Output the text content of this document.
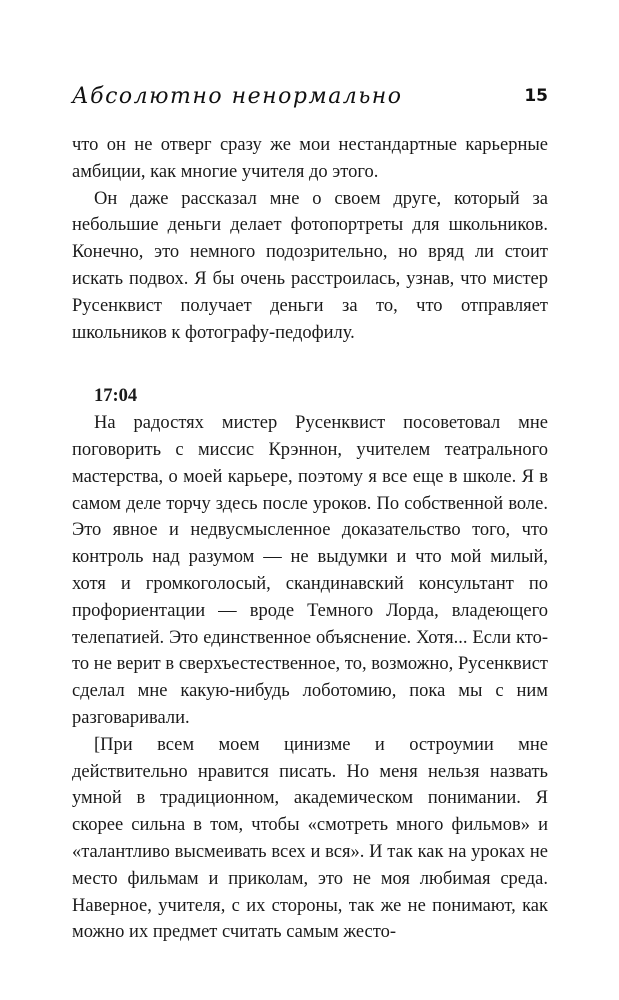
Абсолютно ненормально	15

что он не отверг сразу же мои нестандартные карьерные амбиции, как многие учителя до этого.

Он даже рассказал мне о своем друге, который за небольшие деньги делает фотопортреты для школьников. Конечно, это немного подозрительно, но вряд ли стоит искать подвох. Я бы очень расстроилась, узнав, что мистер Русенквист получает деньги за то, что отправляет школьников к фотографу-педофилу.

17:04

На радостях мистер Русенквист посоветовал мне поговорить с миссис Крэннон, учителем театрального мастерства, о моей карьере, поэтому я все еще в школе. Я в самом деле торчу здесь после уроков. По собственной воле. Это явное и недвусмысленное доказательство того, что контроль над разумом — не выдумки и что мой милый, хотя и громкоголосый, скандинавский консультант по профориентации — вроде Темного Лорда, владеющего телепатией. Это единственное объяснение. Хотя... Если кто-то не верит в сверхъестественное, то, возможно, Русенквист сделал мне какую-нибудь лоботомию, пока мы с ним разговаривали.

[При всем моем цинизме и остроумии мне действительно нравится писать. Но меня нельзя назвать умной в традиционном, академическом понимании. Я скорее сильна в том, чтобы «смотреть много фильмов» и «талантливо высмеивать всех и вся». И так как на уроках не место фильмам и приколам, это не моя любимая среда. Наверное, учителя, с их стороны, так же не понимают, как можно их предмет считать самым жесто-
